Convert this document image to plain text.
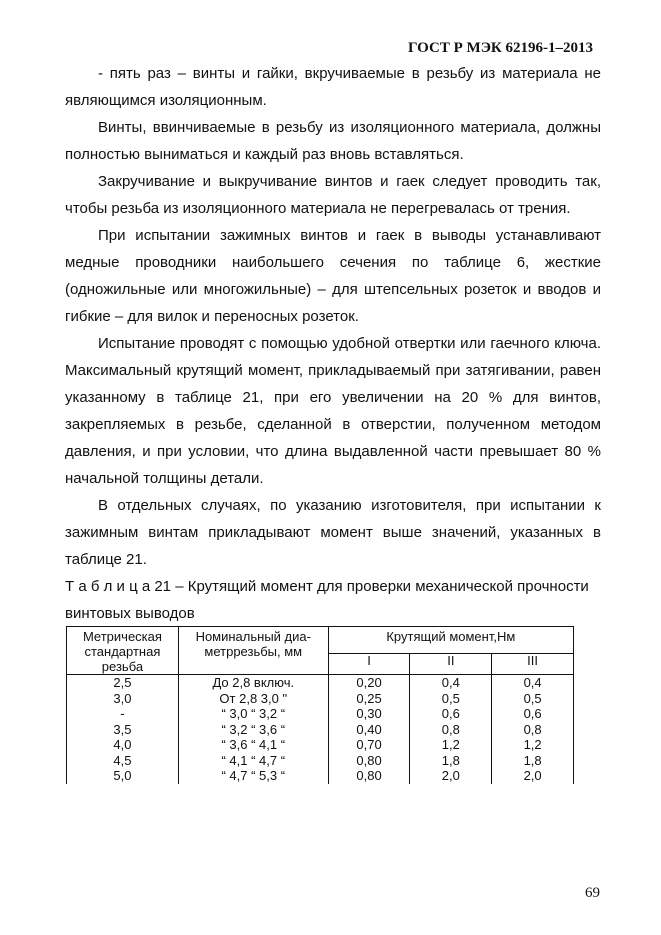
ГОСТ Р МЭК 62196-1–2013

- пять раз – винты и гайки, вкручиваемые в резьбу из материала не являющимся изоляционным.

Винты, ввинчиваемые в резьбу из изоляционного материала, должны полностью выниматься и каждый раз вновь вставляться.

Закручивание и выкручивание винтов и гаек следует проводить так, чтобы резьба из изоляционного материала не перегревалась от трения.

При испытании зажимных винтов и гаек в выводы устанавливают медные проводники наибольшего сечения по таблице 6, жесткие (одножильные или многожильные) – для штепсельных розеток и вводов и гибкие – для вилок и переносных розеток.

Испытание проводят с помощью удобной отвертки или гаечного ключа. Максимальный крутящий момент, прикладываемый при затягивании, равен указанному в таблице 21, при его увеличении на 20 % для винтов, закрепляемых в резьбе, сделанной в отверстии, полученном методом давления, и при условии, что длина выдавленной части превышает 80 % начальной толщины детали.

В отдельных случаях, по указанию изготовителя, при испытании к зажимным винтам прикладывают момент выше значений, указанных в таблице 21.

Т а б л и ц а 21 – Крутящий момент для проверки механической прочности винтовых выводов
Метрическая стандартная резьба	Номинальный диа-метррезьбы, мм	Крутящий момент,Нм		
		I	II	III
2,5	До 2,8 включ.	0,20	0,4	0,4
3,0	От 2,8 3,0 "	0,25	0,5	0,5
-	“ 3,0 “ 3,2 “	0,30	0,6	0,6
3,5	“ 3,2 “ 3,6 “	0,40	0,8	0,8
4,0	“ 3,6 “ 4,1 “	0,70	1,2	1,2
4,5	“ 4,1 “ 4,7 “	0,80	1,8	1,8
5,0	“ 4,7 “ 5,3 “	0,80	2,0	2,0
69
